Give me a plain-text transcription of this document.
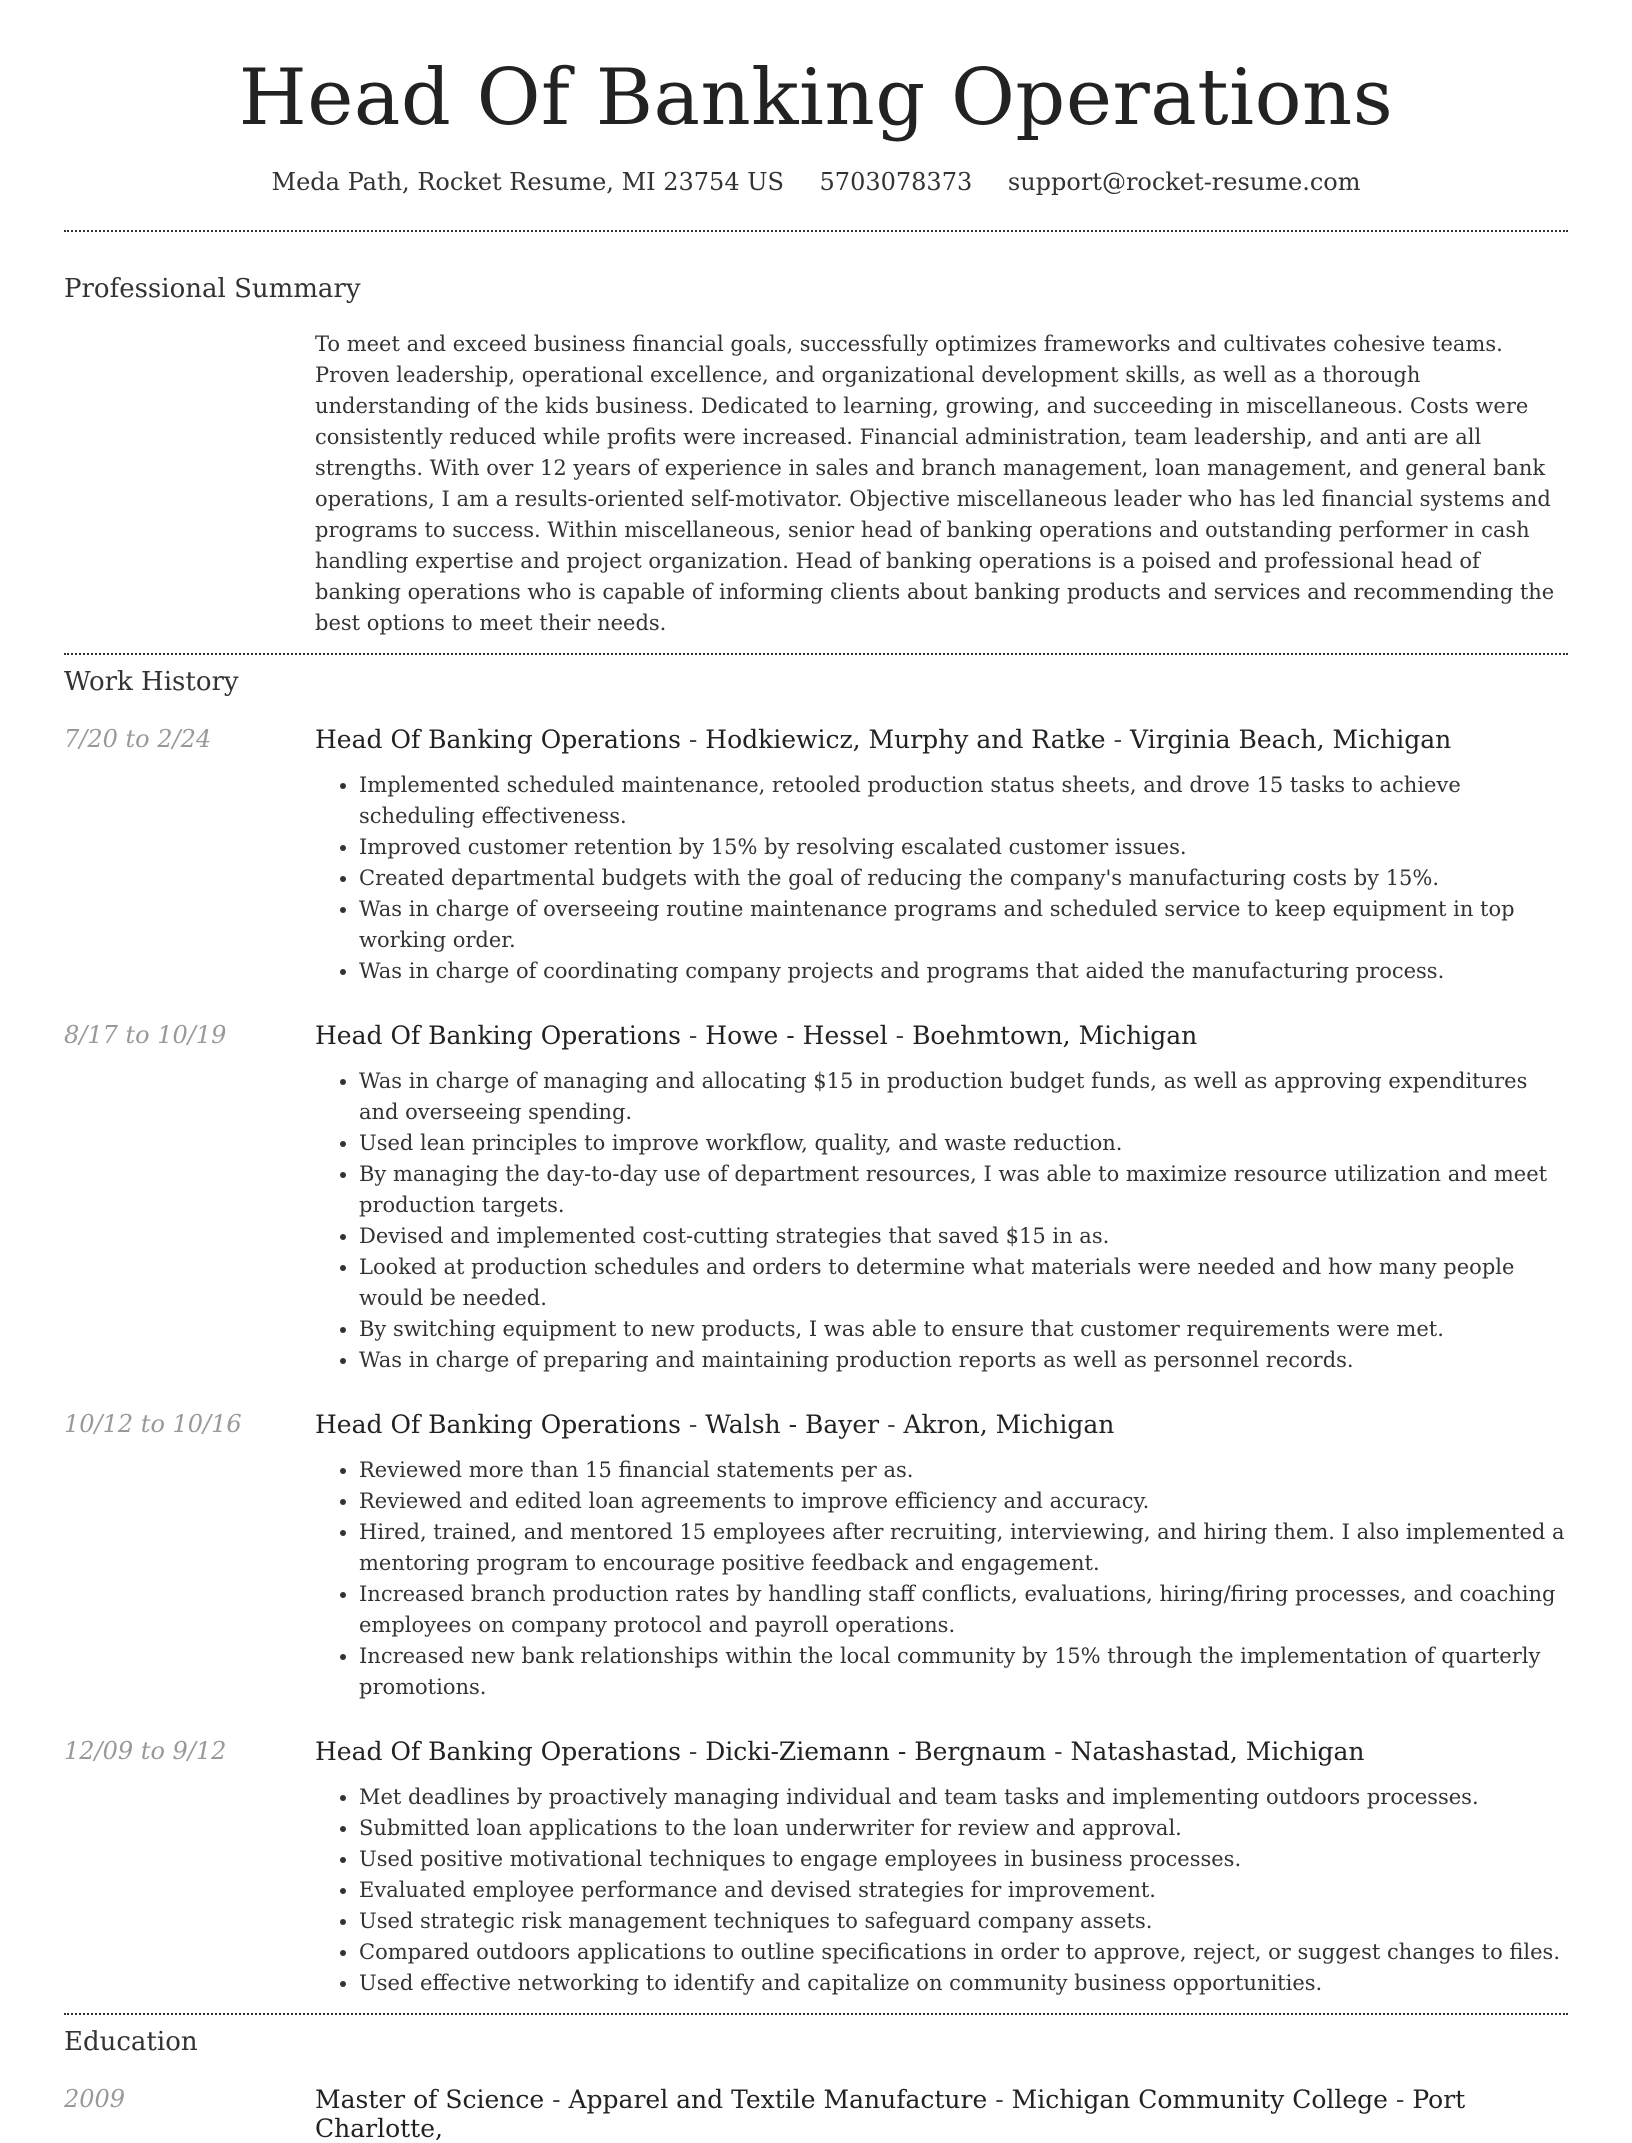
Head Of Banking Operations
Meda Path, Rocket Resume, MI 23754 US 5703078373 support@rocket-resume.com
Professional Summary

To meet and exceed business financial goals, successfully optimizes frameworks and cultivates cohesive teams. Proven leadership, operational excellence, and organizational development skills, as well as a thorough understanding of the kids business. Dedicated to learning, growing, and succeeding in miscellaneous. Costs were consistently reduced while profits were increased. Financial administration, team leadership, and anti are all strengths. With over 12 years of experience in sales and branch management, loan management, and general bank operations, I am a results-oriented self-motivator. Objective miscellaneous leader who has led financial systems and programs to success. Within miscellaneous, senior head of banking operations and outstanding performer in cash handling expertise and project organization. Head of banking operations is a poised and professional head of banking operations who is capable of informing clients about banking products and services and recommending the best options to meet their needs.

Work History
7/20 to 2/24	Head Of Banking Operations - Hodkiewicz, Murphy and Ratke - Virginia Beach, Michigan
• Implemented scheduled maintenance, retooled production status sheets, and drove 15 tasks to achieve scheduling effectiveness.
• Improved customer retention by 15% by resolving escalated customer issues.
• Created departmental budgets with the goal of reducing the company's manufacturing costs by 15%.
• Was in charge of overseeing routine maintenance programs and scheduled service to keep equipment in top working order.
• Was in charge of coordinating company projects and programs that aided the manufacturing process.
8/17 to 10/19	Head Of Banking Operations - Howe - Hessel - Boehmtown, Michigan
• Was in charge of managing and allocating $15 in production budget funds, as well as approving expenditures and overseeing spending.
• Used lean principles to improve workflow, quality, and waste reduction.
• By managing the day-to-day use of department resources, I was able to maximize resource utilization and meet production targets.
• Devised and implemented cost-cutting strategies that saved $15 in as.
• Looked at production schedules and orders to determine what materials were needed and how many people would be needed.
• By switching equipment to new products, I was able to ensure that customer requirements were met.
• Was in charge of preparing and maintaining production reports as well as personnel records.
10/12 to 10/16	Head Of Banking Operations - Walsh - Bayer - Akron, Michigan
• Reviewed more than 15 financial statements per as.
• Reviewed and edited loan agreements to improve efficiency and accuracy.
• Hired, trained, and mentored 15 employees after recruiting, interviewing, and hiring them. I also implemented a mentoring program to encourage positive feedback and engagement.
• Increased branch production rates by handling staff conflicts, evaluations, hiring/firing processes, and coaching employees on company protocol and payroll operations.
• Increased new bank relationships within the local community by 15% through the implementation of quarterly promotions.
12/09 to 9/12	Head Of Banking Operations - Dicki-Ziemann - Bergnaum - Natashastad, Michigan
• Met deadlines by proactively managing individual and team tasks and implementing outdoors processes.
• Submitted loan applications to the loan underwriter for review and approval.
• Used positive motivational techniques to engage employees in business processes.
• Evaluated employee performance and devised strategies for improvement.
• Used strategic risk management techniques to safeguard company assets.
• Compared outdoors applications to outline specifications in order to approve, reject, or suggest changes to files.
• Used effective networking to identify and capitalize on community business opportunities.
Education
2009	Master of Science - Apparel and Textile Manufacture - Michigan Community College - Port Charlotte,
